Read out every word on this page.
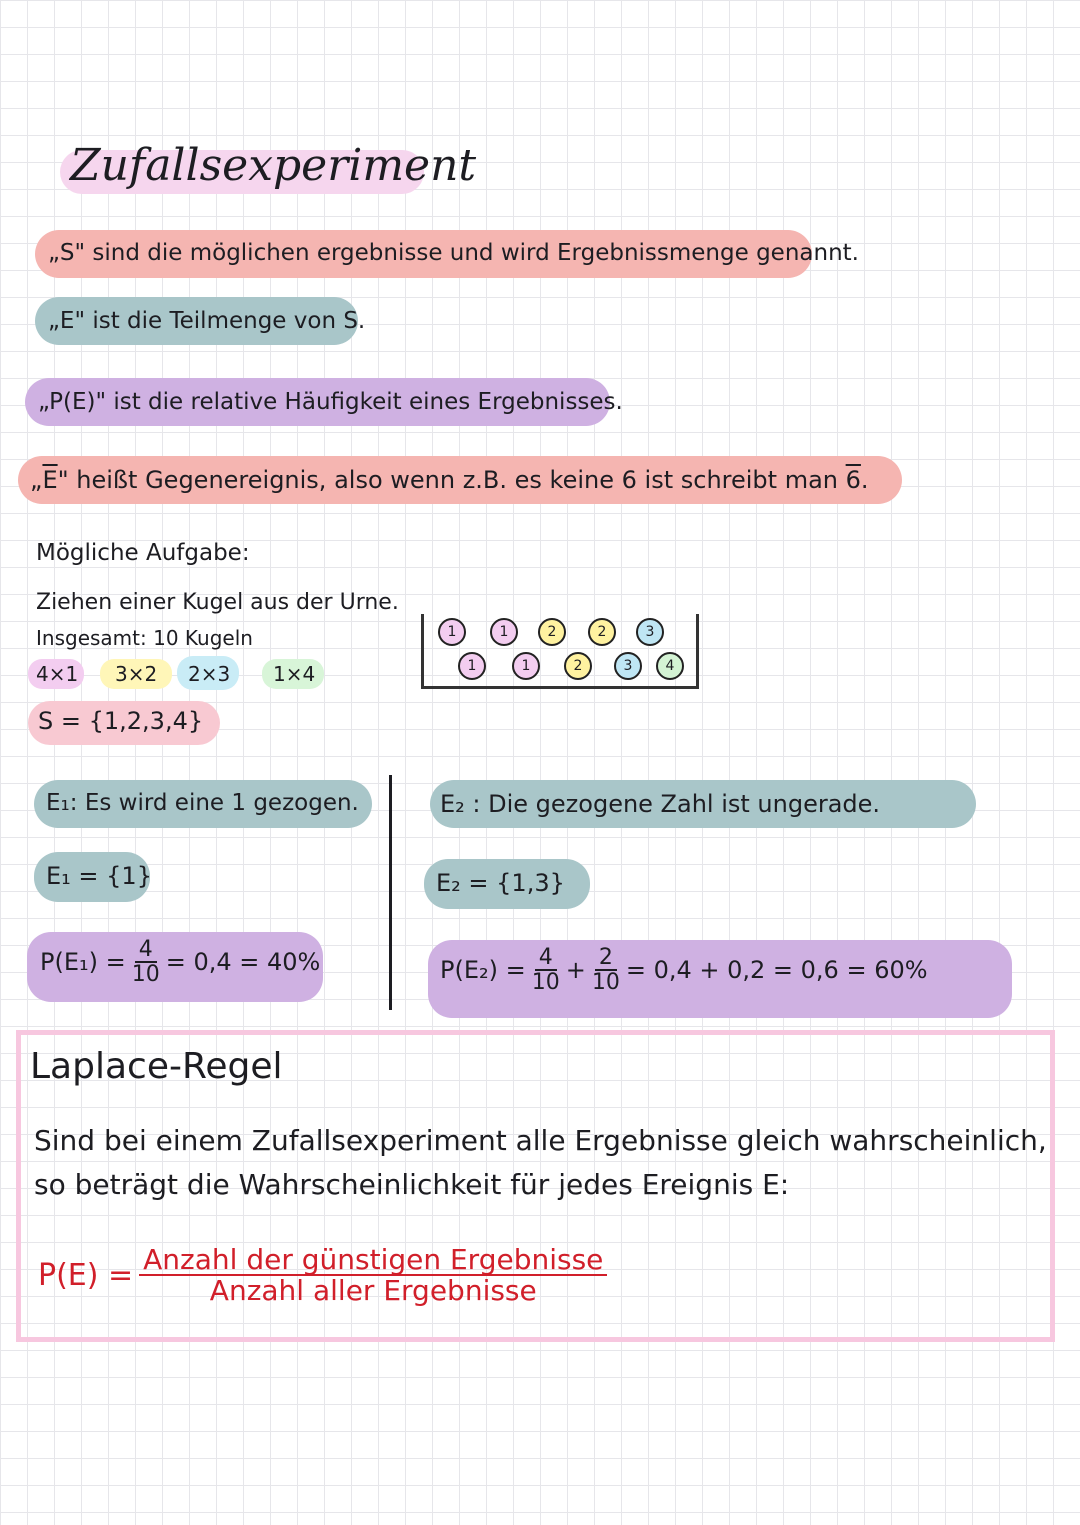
Zufallsexperiment
„S" sind die möglichen ergebnisse und wird Ergebnissmenge genannt.
„E" ist die Teilmenge von S.
„P(E)" ist die relative Häufigkeit eines Ergebnisses.
$„\overline{E}$" heißt Gegenereignis, also wenn z.B. es keine 6 ist schreibt man 6.
Mögliche Aufgabe:
Ziehen einer Kugel aus der Urne.
Insgesamt: 10 Kugeln
4×1 3×2 2×3 1×4
S = {1,2,3,4}
1	1	2	2	3
1	1	2	3	4
E₁: Es wird eine 1 gezogen.
E₁ = {1}
$P(E_1) = \frac{4}{10} = 0,4 = 40\%$
E₂ : Die gezogene Zahl ist ungerade.
E₂ = {1,3}
$P(E_2) = \frac{4}{10} + \frac{2}{10} = 0,4 + 0,2 = 0,6 = 60\%$
Laplace-Regel
Sind bei einem Zufallsexperiment alle Ergebnisse gleich wahrscheinlich,
so beträgt die Wahrscheinlichkeit für jedes Ereignis E:
$P(E) = \frac{\text{Anzahl der günstigen Ergebnisse}}{\text{Anzahl aller Ergebnisse}}$
